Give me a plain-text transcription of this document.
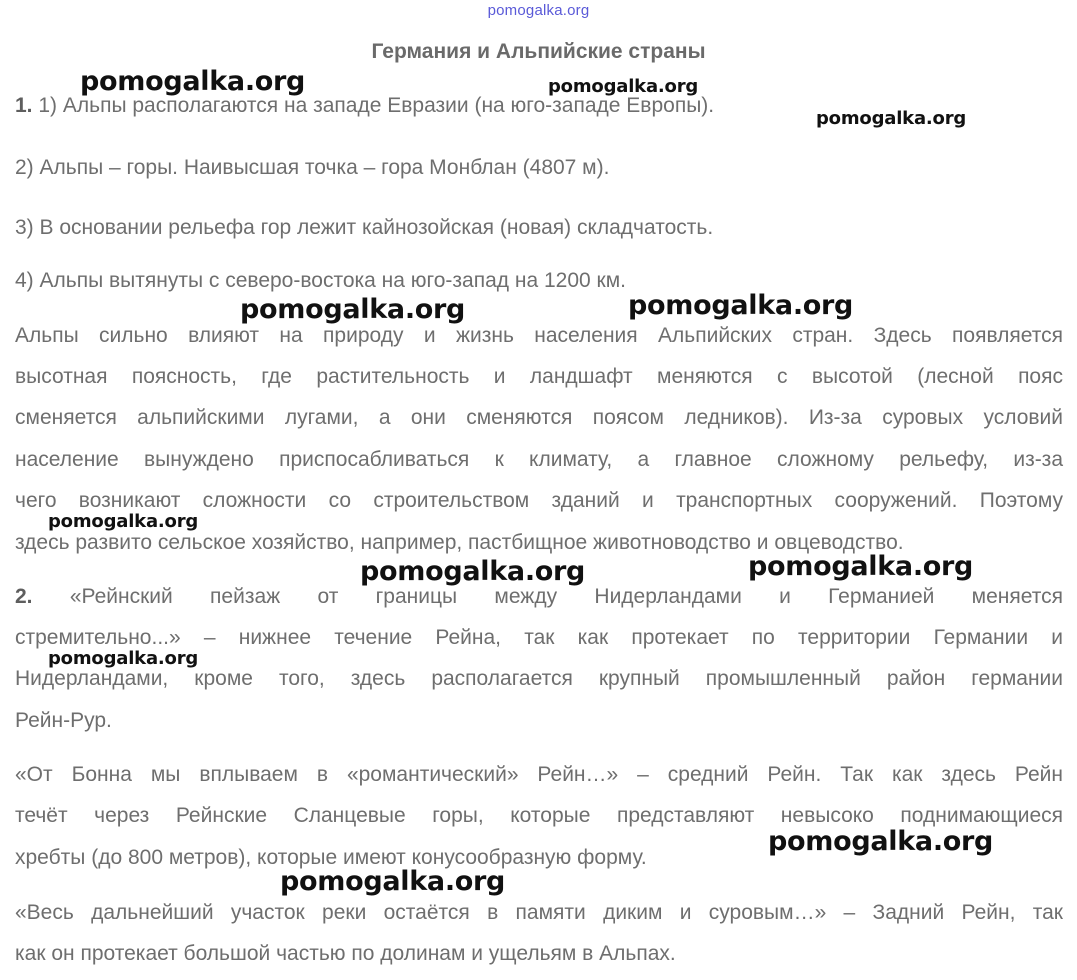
pomogalka.org
Германия и Альпийские страны
1. 1) Альпы располагаются на западе Евразии (на юго-западе Европы).
2) Альпы – горы. Наивысшая точка – гора Монблан (4807 м).
3) В основании рельефа гор лежит кайнозойская (новая) складчатость.
4) Альпы вытянуты с северо-востока на юго-запад на 1200 км.
Альпы сильно влияют на природу и жизнь населения Альпийских стран. Здесь появляется
высотная поясность, где растительность и ландшафт меняются с высотой (лесной пояс
сменяется альпийскими лугами, а они сменяются поясом ледников). Из-за суровых условий
население вынуждено приспосабливаться к климату, а главное сложному рельефу, из-за
чего возникают сложности со строительством зданий и транспортных сооружений. Поэтому
здесь развито сельское хозяйство, например, пастбищное животноводство и овцеводство.
2. «Рейнский пейзаж от границы между Нидерландами и Германией меняется
стремительно...» – нижнее течение Рейна, так как протекает по территории Германии и
Нидерландами, кроме того, здесь располагается крупный промышленный район германии
Рейн-Рур.
«От Бонна мы вплываем в «романтический» Рейн…» – средний Рейн. Так как здесь Рейн
течёт через Рейнские Сланцевые горы, которые представляют невысоко поднимающиеся
хребты (до 800 метров), которые имеют конусообразную форму.
«Весь дальнейший участок реки остаётся в памяти диким и суровым…» – Задний Рейн, так
как он протекает большой частью по долинам и ущельям в Альпах.
pomogalka.org	pomogalka.org
pomogalka.org
pomogalka.org	pomogalka.org
pomogalka.org
pomogalka.org	pomogalka.org
pomogalka.org
pomogalka.org
pomogalka.org
